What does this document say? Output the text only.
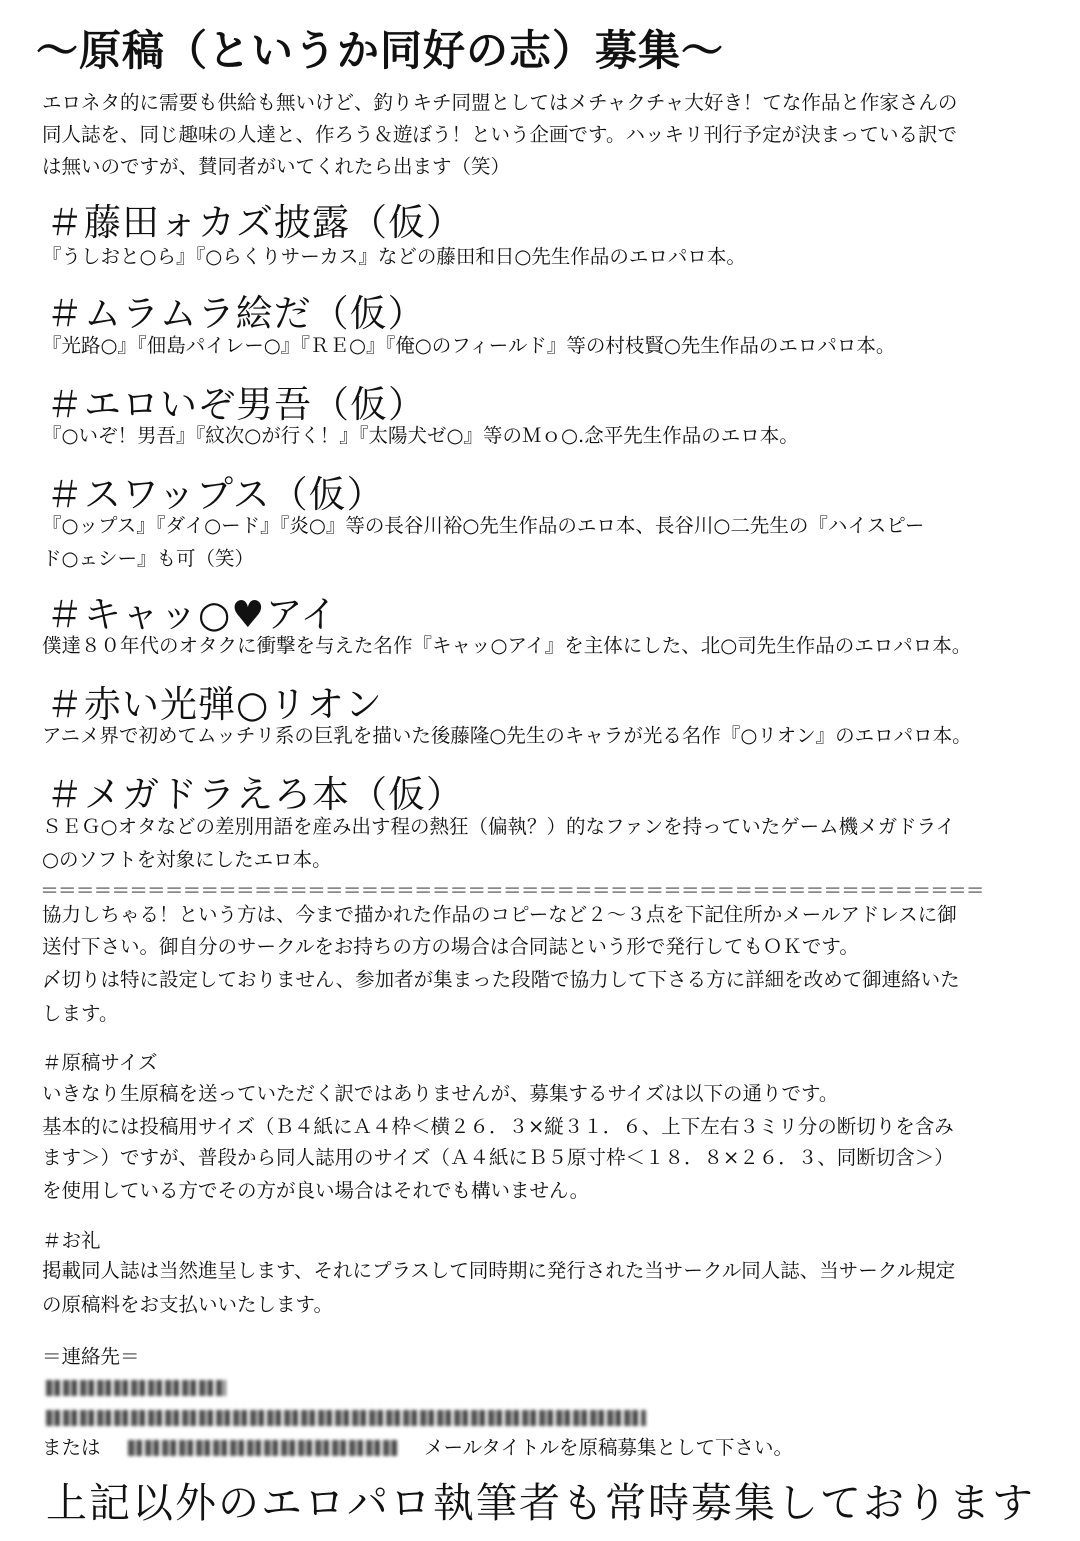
〜原稿（というか同好の志）募集〜
エロネタ的に需要も供給も無いけど、釣りキチ同盟としてはメチャクチャ大好き！てな作品と作家さんの
同人誌を、同じ趣味の人達と、作ろう＆遊ぼう！という企画です。ハッキリ刊行予定が決まっている訳で
は無いのですが、賛同者がいてくれたら出ます（笑）
＃藤田ォカズ披露（仮）
『うしおと○ら』『○らくりサーカス』などの藤田和日○先生作品のエロパロ本。
＃ムラムラ絵だ（仮）
『光路○』『佃島パイレー○』『ＲＥ○』『俺○のフィールド』等の村枝賢○先生作品のエロパロ本。
＃エロいぞ男吾（仮）
『○いぞ！男吾』『紋次○が行く！』『太陽犬ゼ○』等のＭｏ○.念平先生作品のエロ本。
＃スワップス（仮）
『○ップス』『ダイ○ード』『炎○』等の長谷川裕○先生作品のエロ本、長谷川○二先生の『ハイスピー
ド○ェシー』も可（笑）
＃キャッ○♥アイ
僕達８０年代のオタクに衝撃を与えた名作『キャッ○アイ』を主体にした、北○司先生作品のエロパロ本。
＃赤い光弾○リオン
アニメ界で初めてムッチリ系の巨乳を描いた後藤隆○先生のキャラが光る名作『○リオン』のエロパロ本。
＃メガドラえろ本（仮）
ＳＥＧ○オタなどの差別用語を産み出す程の熱狂（偏執？）的なファンを持っていたゲーム機メガドライ
○のソフトを対象にしたエロ本。
＝＝＝＝＝＝＝＝＝＝＝＝＝＝＝＝＝＝＝＝＝＝＝＝＝＝＝＝＝＝＝＝＝＝＝＝＝＝＝＝＝＝＝＝＝＝＝＝＝＝＝＝＝
協力しちゃる！という方は、今まで描かれた作品のコピーなど２〜３点を下記住所かメールアドレスに御
送付下さい。御自分のサークルをお持ちの方の場合は合同誌という形で発行してもＯＫです。
〆切りは特に設定しておりません、参加者が集まった段階で協力して下さる方に詳細を改めて御連絡いた
します。
＃原稿サイズ
いきなり生原稿を送っていただく訳ではありませんが、募集するサイズは以下の通りです。
基本的には投稿用サイズ（Ｂ４紙にＡ４枠＜横２６．３×縦３１．６、上下左右３ミリ分の断切りを含み
ます＞）ですが、普段から同人誌用のサイズ（Ａ４紙にＢ５原寸枠＜１８．８×２６．３、同断切含＞）
を使用している方でその方が良い場合はそれでも構いません。
＃お礼
掲載同人誌は当然進呈します、それにプラスして同時期に発行された当サークル同人誌、当サークル規定
の原稿料をお支払いいたします。
＝連絡先＝
または	メールタイトルを原稿募集として下さい。
上記以外のエロパロ執筆者も常時募集しております
